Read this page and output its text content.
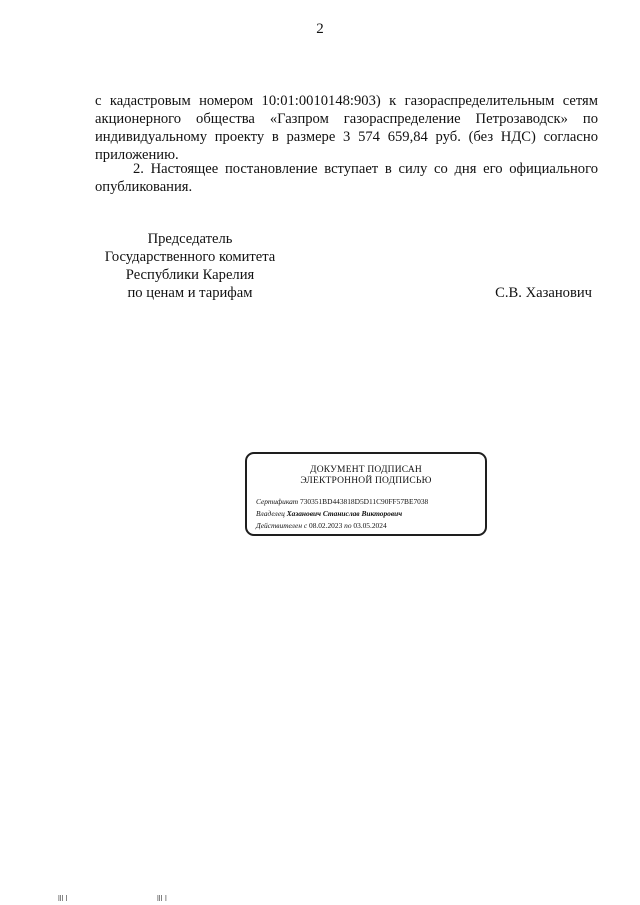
2
с кадастровым номером 10:01:0010148:903) к газораспределительным сетям акционерного общества «Газпром газораспределение Петрозаводск» по индивидуальному проекту в размере 3 574 659,84 руб. (без НДС) согласно приложению.
2. Настоящее постановление вступает в силу со дня его официального опубликования.
Председатель
Государственного комитета
Республики Карелия
по ценам и тарифам	С.В. Хазанович
ДОКУМЕНТ ПОДПИСАН
ЭЛЕКТРОННОЙ ПОДПИСЬЮ
Сертификат 730351BD443818D5D11C90FF57BE7038
Владелец Хазанович Станислав Викторович
Действителен с 08.02.2023 по 03.05.2024
lll l	llI l
